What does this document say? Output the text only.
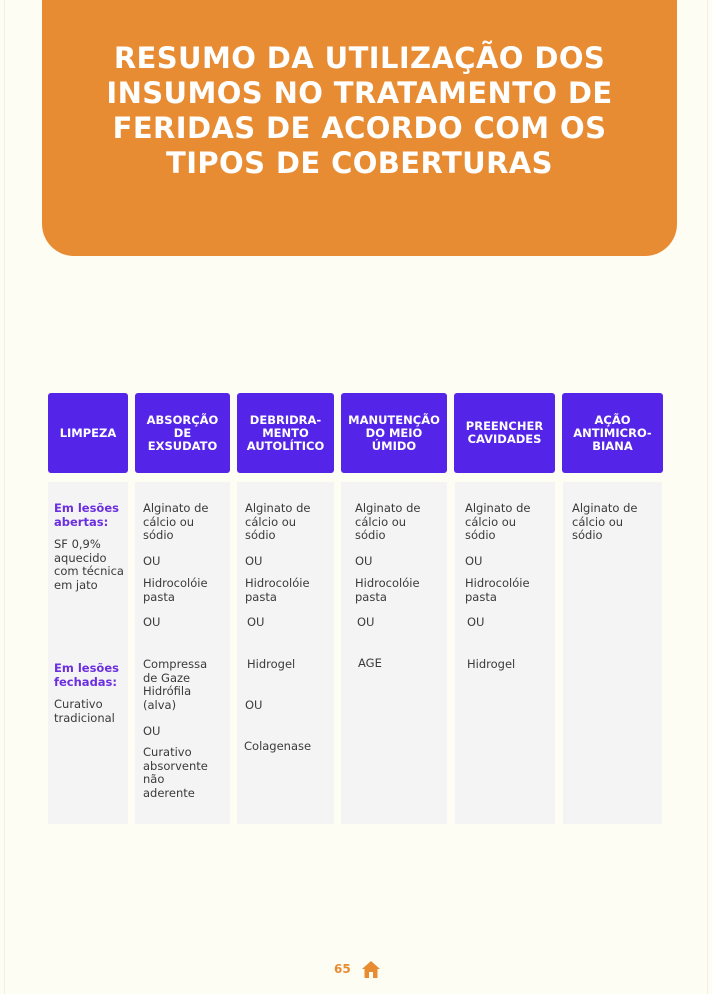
RESUMO DA UTILIZAÇÃO DOS INSUMOS NO TRATAMENTO DE FERIDAS DE ACORDO COM OS TIPOS DE COBERTURAS
LIMPEZA
ABSORÇÃO DE EXSUDATO
DEBRIDRA-MENTO AUTOLÍTICO
MANUTENÇÃO DO MEIO ÚMIDO
PREENCHER CAVIDADES
AÇÃO ANTIMICRO-BIANA
Em lesões abertas:
SF 0,9% aquecido com técnica em jato
Em lesões fechadas:
Curativo tradicional
Alginato de cálcio ou sódio
OU
Hidrocolóie pasta
OU
Compressa de Gaze Hidrófila (alva)
OU
Curativo absorvente não aderente
Alginato de cálcio ou sódio
OU
Hidrocolóie pasta
OU
Hidrogel
OU
Colagenase
Alginato de cálcio ou sódio
OU
Hidrocolóie pasta
OU
AGE
Alginato de cálcio ou sódio
OU
Hidrocolóie pasta
OU
Hidrogel
Alginato de cálcio ou sódio
65
